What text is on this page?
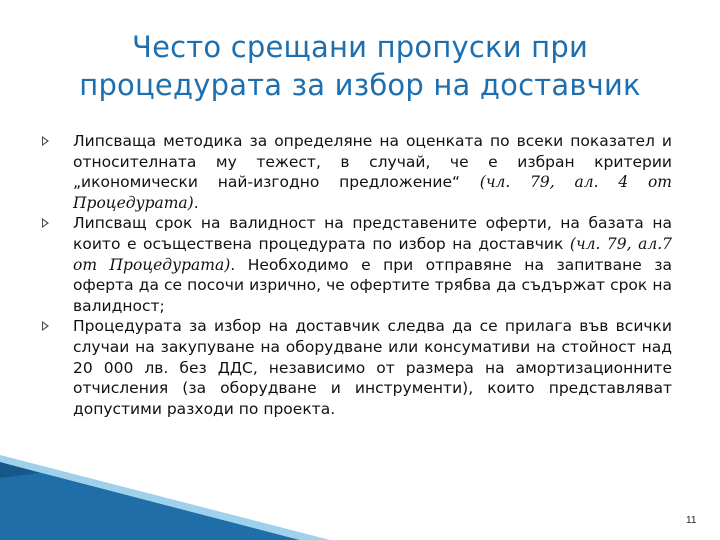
Често срещани пропуски при
процедурата за избор на доставчик
Липсваща методика за определяне на оценката по всеки показател и относителната му тежест, в случай, че е избран критерии „икономически най-изгодно предложение“ (чл. 79, ал. 4 от Процедурата).
Липсващ срок на валидност на представените оферти, на базата на които е осъществена процедурата по избор на доставчик (чл. 79, ал.7 от Процедурата). Необходимо е при отправяне на запитване за оферта да се посочи изрично, че офертите трябва да съдържат срок на валидност;
Процедурата за избор на доставчик следва да се прилага във всички случаи на закупуване на оборудване или консумативи на стойност над 20 000 лв. без ДДС, независимо от размера на амортизационните отчисления (за оборудване и инструменти), които представляват допустими разходи по проекта.
11
